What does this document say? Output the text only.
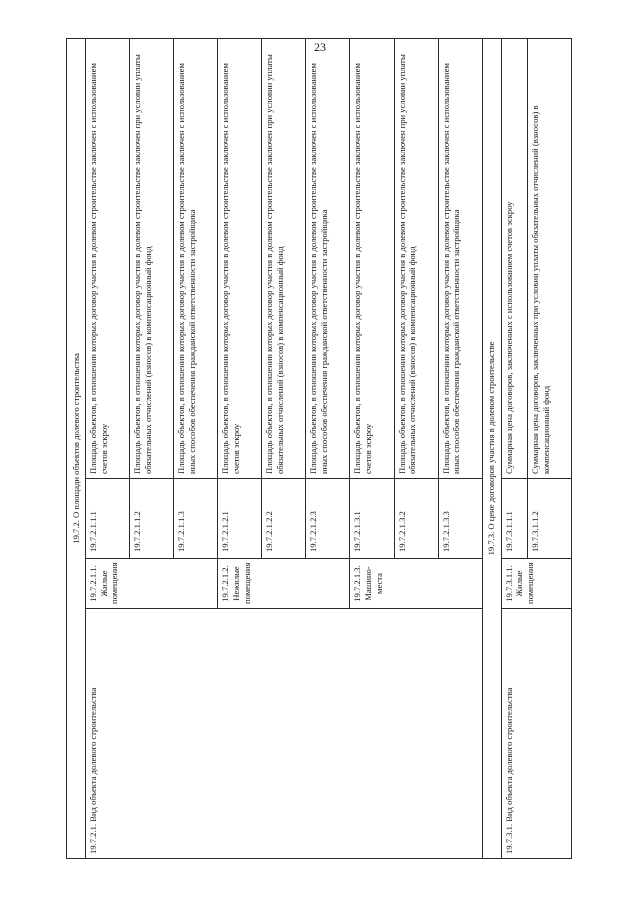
23
19.7.2. О площади объектов долевого строительства			
19.7.2.1. Вид объекта долевого строительства	19.7.2.1.1. Жилые помещения	19.7.2.1.1.1	Площадь объектов, в отношении которых договор участия в долевом строительстве заключен с использованием счетов эскроу
		19.7.2.1.1.2	Площадь объектов, в отношении которых договор участия в долевом строительстве заключен при условии уплаты обязательных отчислений (взносов) в компенсационный фонд
		19.7.2.1.1.3	Площадь объектов, в отношении которых договор участия в долевом строительстве заключен с использованием иных способов обеспечения гражданской ответственности застройщика

	19.7.2.1.2. Нежилые помещения	19.7.2.1.2.1	Площадь объектов, в отношении которых договор участия в долевом строительстве заключен с использованием счетов эскроу
		19.7.2.1.2.2	Площадь объектов, в отношении которых договор участия в долевом строительстве заключен при условии уплаты обязательных отчислений (взносов) в компенсационный фонд
		19.7.2.1.2.3	Площадь объектов, в отношении которых договор участия в долевом строительстве заключен с использованием иных способов обеспечения гражданской ответственности застройщика

	19.7.2.1.3. Машино-места	19.7.2.1.3.1	Площадь объектов, в отношении которых договор участия в долевом строительстве заключен с использованием счетов эскроу
		19.7.2.1.3.2	Площадь объектов, в отношении которых договор участия в долевом строительстве заключен при условии уплаты обязательных отчислений (взносов) в компенсационный фонд
		19.7.2.1.3.3	Площадь объектов, в отношении которых договор участия в долевом строительстве заключен с использованием иных способов обеспечения гражданской ответственности застройщика
19.7.3. О цене договоров участия в долевом строительстве			
19.7.3.1. Вид объекта долевого строительства	19.7.3.1.1. Жилые помещения	19.7.3.1.1.1	Суммарная цена договоров, заключенных с использованием счетов эскроу
		19.7.3.1.1.2	Суммарная цена договоров, заключенных при условии уплаты обязательных отчислений (взносов) в компенсационный фонд
